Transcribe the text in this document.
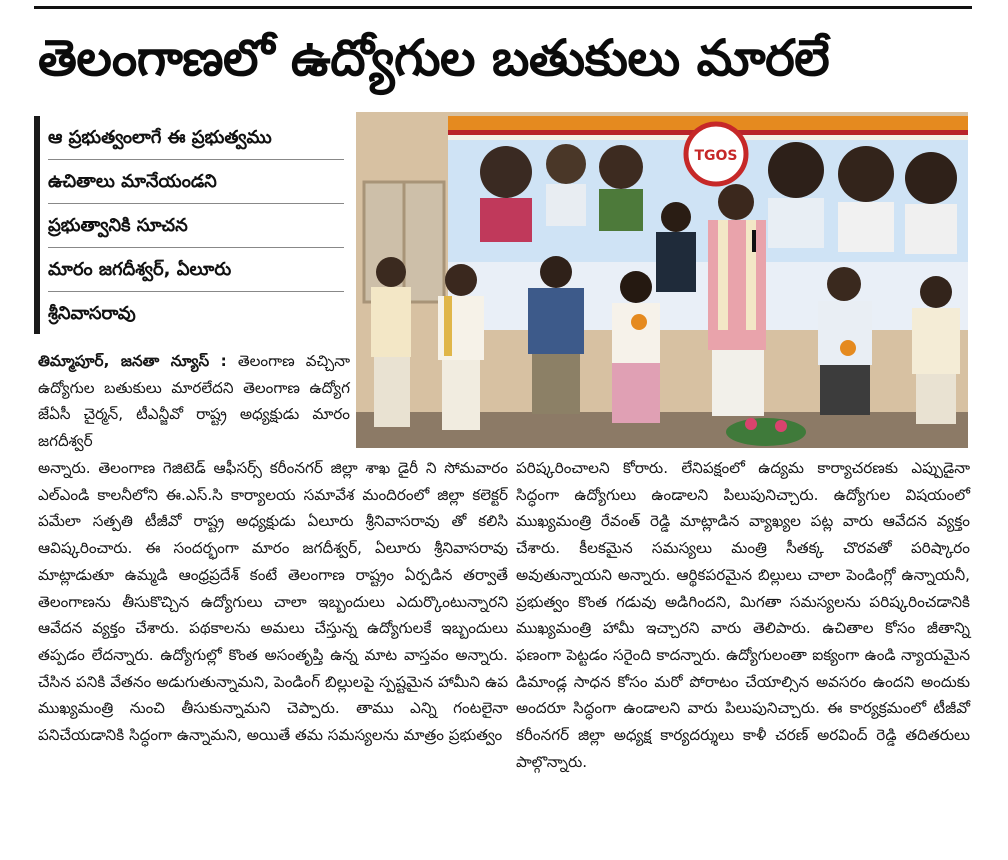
తెలంగాణలో ఉద్యోగుల బతుకులు మారలే
ఆ ప్రభుత్వంలాగే ఈ ప్రభుత్వము
ఉచితాలు మానేయండని
ప్రభుత్వానికి సూచన
మారం జగదీశ్వర్, ఏలూరు
శ్రీనివాసరావు
TGOS

తిమ్మాపూర్, జనతా న్యూస్ : తెలంగాణ వచ్చినా ఉద్యోగుల బతుకులు మారలేదని తెలంగాణ ఉద్యోగ జేఏసీ చైర్మన్, టీఎన్జీవో రాష్ట్ర అధ్యక్షుడు మారం జగదీశ్వర్

అన్నారు. తెలంగాణ గెజిటెడ్ ఆఫీసర్స్ కరీంనగర్ జిల్లా శాఖ డైరీ ని సోమవారం ఎల్ఎండి కాలనీలోని ఈ.ఎస్.సి కార్యాలయ సమావేశ మందిరంలో జిల్లా కలెక్టర్ పమేలా సత్పతి టీజీవో రాష్ట్ర అధ్యక్షుడు ఏలూరు శ్రీనివాసరావు తో కలిసి ఆవిష్కరించారు. ఈ సందర్భంగా మారం జగదీశ్వర్, ఏలూరు శ్రీనివాసరావు మాట్లాడుతూ ఉమ్మడి ఆంధ్రప్రదేశ్ కంటే తెలంగాణ రాష్ట్రం ఏర్పడిన తర్వాతే తెలంగాణను తీసుకొచ్చిన ఉద్యోగులు చాలా ఇబ్బందులు ఎదుర్కొంటున్నారని ఆవేదన వ్యక్తం చేశారు. పథకాలను అమలు చేస్తున్న ఉద్యోగులకే ఇబ్బందులు తప్పడం లేదన్నారు. ఉద్యోగుల్లో కొంత అసంతృప్తి ఉన్న మాట వాస్తవం అన్నారు. చేసిన పనికి వేతనం అడుగుతున్నామని, పెండింగ్ బిల్లులపై స్పష్టమైన హామీని ఉప ముఖ్యమంత్రి నుంచి తీసుకున్నామని చెప్పారు. తాము ఎన్ని గంటలైనా పనిచేయడానికి సిద్ధంగా ఉన్నామని, అయితే తమ సమస్యలను మాత్రం ప్రభుత్వం

పరిష్కరించాలని కోరారు. లేనిపక్షంలో ఉద్యమ కార్యాచరణకు ఎప్పుడైనా సిద్ధంగా ఉద్యోగులు ఉండాలని పిలుపునిచ్చారు. ఉద్యోగుల విషయంలో ముఖ్యమంత్రి రేవంత్ రెడ్డి మాట్లాడిన వ్యాఖ్యల పట్ల వారు ఆవేదన వ్యక్తం చేశారు. కీలకమైన సమస్యలు మంత్రి సీతక్క చొరవతో పరిష్కారం అవుతున్నాయని అన్నారు. ఆర్థికపరమైన బిల్లులు చాలా పెండింగ్లో ఉన్నాయనీ, ప్రభుత్వం కొంత గడువు అడిగిందని, మిగతా సమస్యలను పరిష్కరించడానికి ముఖ్యమంత్రి హామీ ఇచ్చారని వారు తెలిపారు. ఉచితాల కోసం జీతాన్ని ఫణంగా పెట్టడం సరైంది కాదన్నారు. ఉద్యోగులంతా ఐక్యంగా ఉండి న్యాయమైన డిమాండ్ల సాధన కోసం మరో పోరాటం చేయాల్సిన అవసరం ఉందని అందుకు అందరూ సిద్ధంగా ఉండాలని వారు పిలుపునిచ్చారు. ఈ కార్యక్రమంలో టీజీవో కరీంనగర్ జిల్లా అధ్యక్ష కార్యదర్శులు కాళీ చరణ్ అరవింద్ రెడ్డి తదితరులు పాల్గొన్నారు.
